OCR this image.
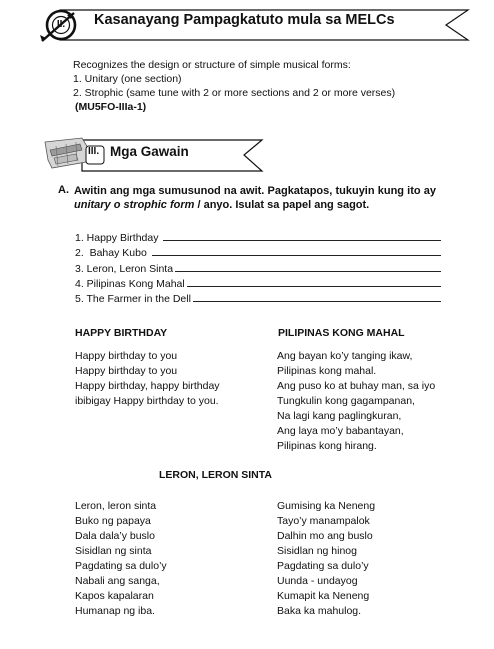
II.	Kasanayang Pampagkatuto mula sa MELCs
Recognizes the design or structure of simple musical forms:
1. Unitary (one section)
2. Strophic (same tune with 2 or more sections and 2 or more verses)
(MU5FO-IIIa-1)
III. Mga Gawain
A. Awitin ang mga sumusunod na awit. Pagkatapos, tukuyin kung ito ay unitary o strophic form / anyo. Isulat sa papel ang sagot.
1. Happy Birthday
2.  Bahay Kubo
3. Leron, Leron Sinta
4. Pilipinas Kong Mahal
5. The Farmer in the Dell
HAPPY BIRTHDAY
Happy birthday to you
Happy birthday to you
Happy birthday, happy birthday
ibibigay Happy birthday to you.
PILIPINAS KONG MAHAL
Ang bayan ko’y tanging ikaw,
Pilipinas kong mahal.
Ang puso ko at buhay man, sa iyo
Tungkulin kong gagampanan,
Na lagi kang paglingkuran,
Ang laya mo’y babantayan,
Pilipinas kong hirang.
LERON, LERON SINTA
Leron, leron sinta
Buko ng papaya
Dala dala’y buslo
Sisidlan ng sinta
Pagdating sa dulo’y
Nabali ang sanga,
Kapos kapalaran
Humanap ng iba.
Gumising ka Neneng
Tayo’y manampalok
Dalhin mo ang buslo
Sisidlan ng hinog
Pagdating sa dulo’y
Uunda - undayog
Kumapit ka Neneng
Baka ka mahulog.
